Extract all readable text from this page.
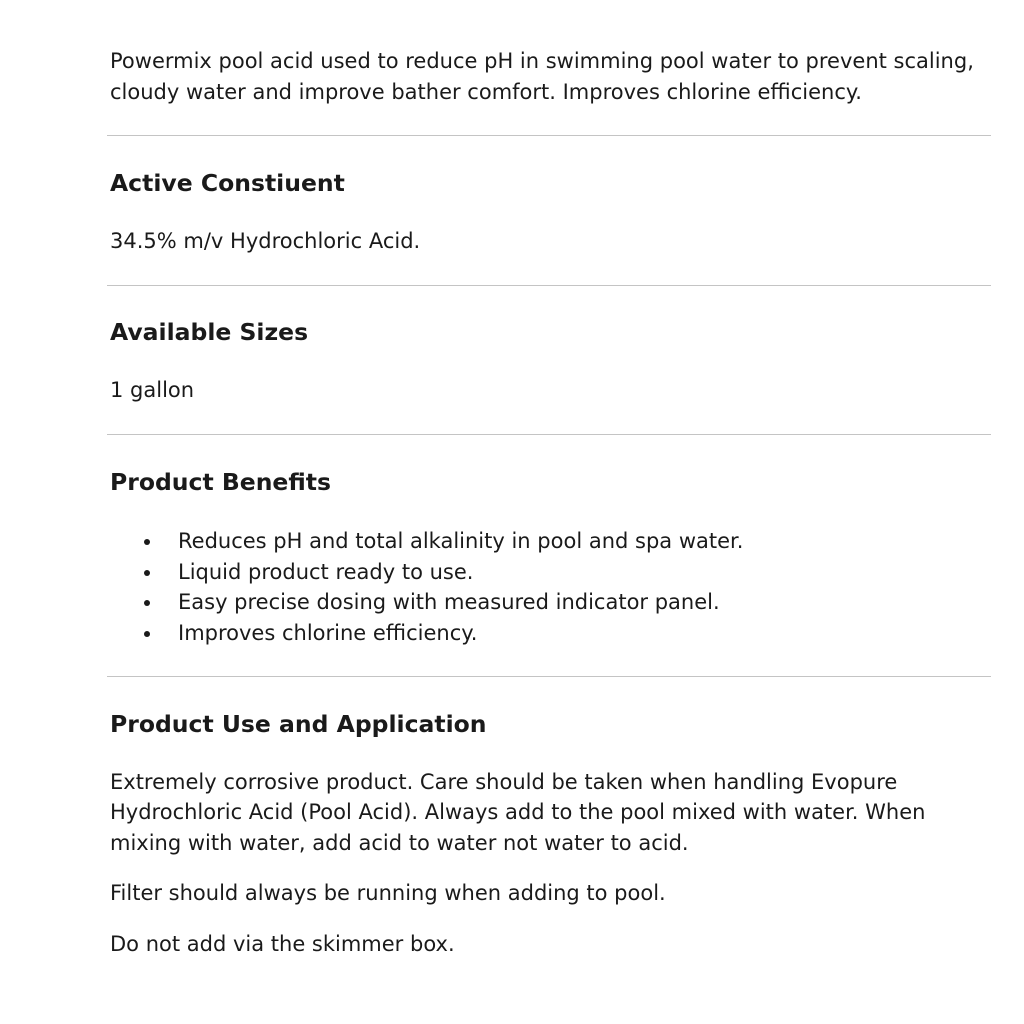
Powermix pool acid used to reduce pH in swimming pool water to prevent scaling,

cloudy water and improve bather comfort. Improves chlorine efficiency.

Active Constiuent

34.5% m/v Hydrochloric Acid.

Available Sizes

1 gallon

Product Benefits
Reduces pH and total alkalinity in pool and spa water.
Liquid product ready to use.
Easy precise dosing with measured indicator panel.
Improves chlorine efficiency.
Product Use and Application

Extremely corrosive product. Care should be taken when handling Evopure

Hydrochloric Acid (Pool Acid). Always add to the pool mixed with water. When

mixing with water, add acid to water not water to acid.

Filter should always be running when adding to pool.

Do not add via the skimmer box.
